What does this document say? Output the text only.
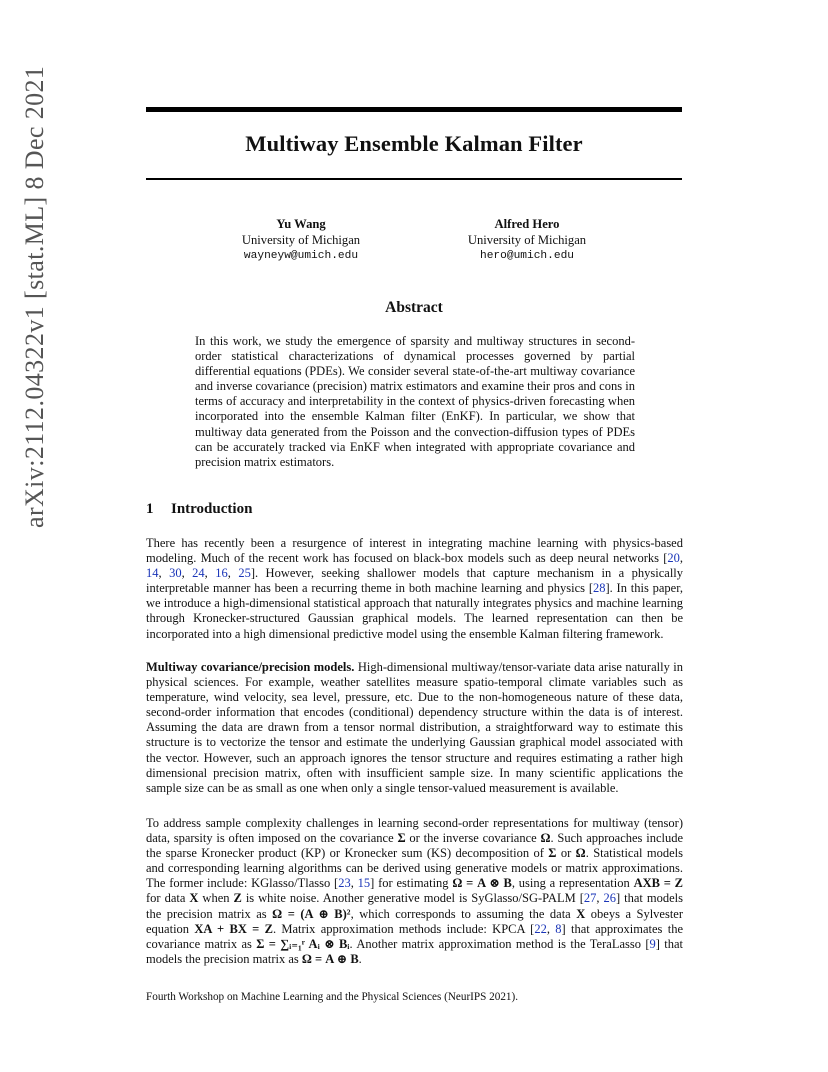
arXiv:2112.04322v1 [stat.ML] 8 Dec 2021	Multiway Ensemble Kalman Filter
Yu Wang
University of Michigan
wayneyw@umich.edu
Alfred Hero
University of Michigan
hero@umich.edu
Abstract
In this work, we study the emergence of sparsity and multiway structures in second-order statistical characterizations of dynamical processes governed by partial differential equations (PDEs). We consider several state-of-the-art multiway covariance and inverse covariance (precision) matrix estimators and examine their pros and cons in terms of accuracy and interpretability in the context of physics-driven forecasting when incorporated into the ensemble Kalman filter (EnKF). In particular, we show that multiway data generated from the Poisson and the convection-diffusion types of PDEs can be accurately tracked via EnKF when integrated with appropriate covariance and precision matrix estimators.
1 Introduction
There has recently been a resurgence of interest in integrating machine learning with physics-based modeling. Much of the recent work has focused on black-box models such as deep neural networks [20, 14, 30, 24, 16, 25]. However, seeking shallower models that capture mechanism in a physically interpretable manner has been a recurring theme in both machine learning and physics [28]. In this paper, we introduce a high-dimensional statistical approach that naturally integrates physics and machine learning through Kronecker-structured Gaussian graphical models. The learned representation can then be incorporated into a high dimensional predictive model using the ensemble Kalman filtering framework.
Multiway covariance/precision models. High-dimensional multiway/tensor-variate data arise naturally in physical sciences. For example, weather satellites measure spatio-temporal climate variables such as temperature, wind velocity, sea level, pressure, etc. Due to the non-homogeneous nature of these data, second-order information that encodes (conditional) dependency structure within the data is of interest. Assuming the data are drawn from a tensor normal distribution, a straightforward way to estimate this structure is to vectorize the tensor and estimate the underlying Gaussian graphical model associated with the vector. However, such an approach ignores the tensor structure and requires estimating a rather high dimensional precision matrix, often with insufficient sample size. In many scientific applications the sample size can be as small as one when only a single tensor-valued measurement is available.
To address sample complexity challenges in learning second-order representations for multiway (tensor) data, sparsity is often imposed on the covariance Σ or the inverse covariance Ω. Such approaches include the sparse Kronecker product (KP) or Kronecker sum (KS) decomposition of Σ or Ω. Statistical models and corresponding learning algorithms can be derived using generative models or matrix approximations. The former include: KGlasso/Tlasso [23, 15] for estimating Ω = A ⊗ B, using a representation AXB = Z for data X when Z is white noise. Another generative model is SyGlasso/SG-PALM [27, 26] that models the precision matrix as Ω = (A ⊕ B)², which corresponds to assuming the data X obeys a Sylvester equation XA + BX = Z. Matrix approximation methods include: KPCA [22, 8] that approximates the covariance matrix as Σ = ∑ᵢ₌₁ʳ Aᵢ ⊗ Bᵢ. Another matrix approximation method is the TeraLasso [9] that models the precision matrix as Ω = A ⊕ B.
Fourth Workshop on Machine Learning and the Physical Sciences (NeurIPS 2021).
